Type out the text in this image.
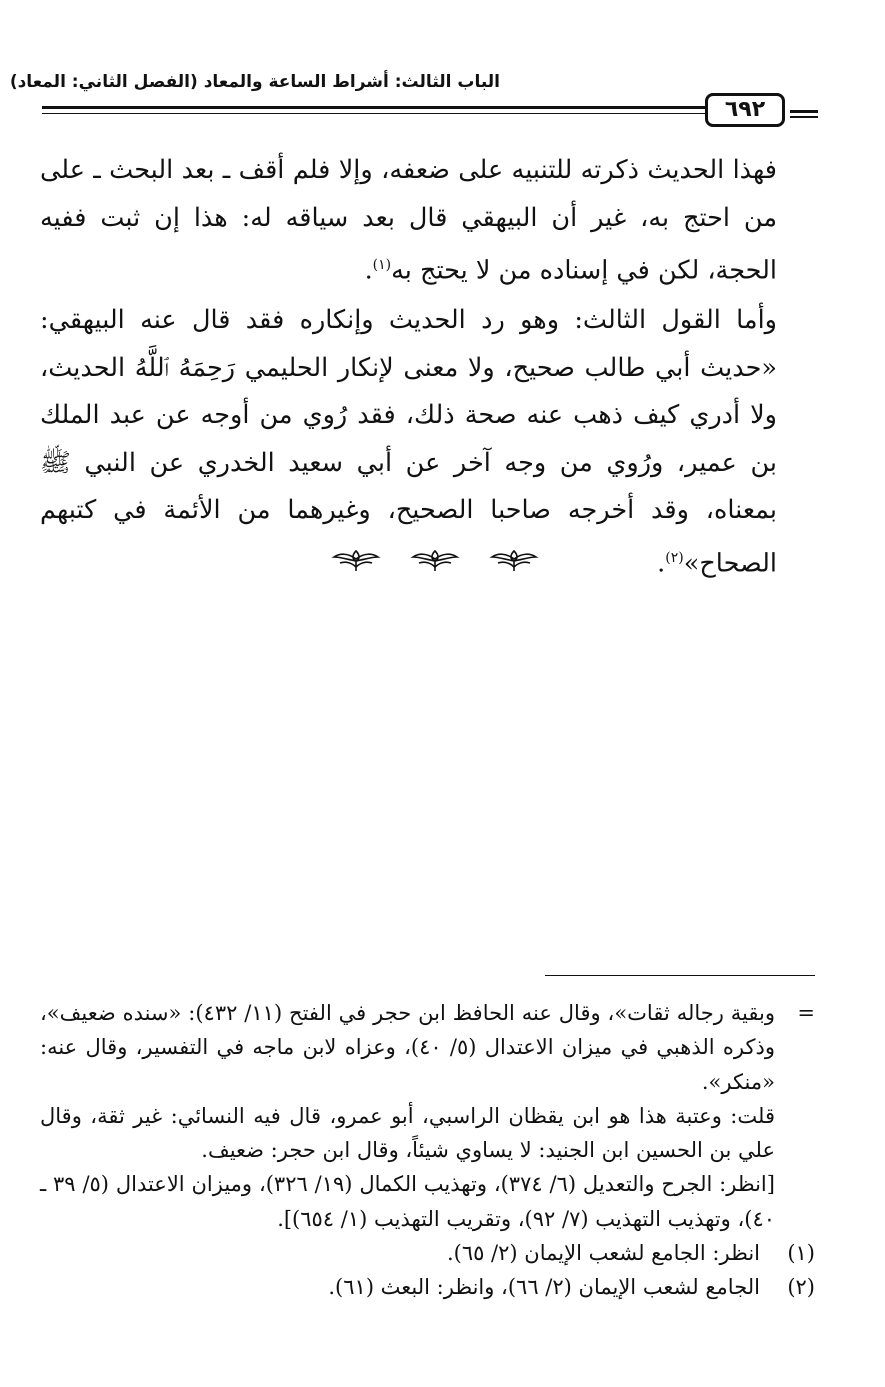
الباب الثالث: أشراط الساعة والمعاد (الفصل الثاني: المعاد)
٦٩٢

فهذا الحديث ذكرته للتنبيه على ضعفه، وإلا فلم أقف ـ بعد البحث ـ على من احتج به، غير أن البيهقي قال بعد سياقه له: هذا إن ثبت ففيه الحجة، لكن في إسناده من لا يحتج به$^{(١)}$.

وأما القول الثالث: وهو رد الحديث وإنكاره فقد قال عنه البيهقي: «حديث أبي طالب صحيح، ولا معنى لإنكار الحليمي رَحِمَهُ ٱللَّهُ الحديث، ولا أدري كيف ذهب عنه صحة ذلك، فقد رُوي من أوجه عن عبد الملك بن عمير، ورُوي من وجه آخر عن أبي سعيد الخدري عن النبي ﷺ بمعناه، وقد أخرجه صاحبا الصحيح، وغيرهما من الأئمة في كتبهم الصحاح»$^{(٢)}$.

=
وبقية رجاله ثقات»، وقال عنه الحافظ ابن حجر في الفتح (١١/ ٤٣٢): «سنده ضعيف»، وذكره الذهبي في ميزان الاعتدال (٥/ ٤٠)، وعزاه لابن ماجه في التفسير، وقال عنه: «منكر».

قلت: وعتبة هذا هو ابن يقظان الراسبي، أبو عمرو، قال فيه النسائي: غير ثقة، وقال علي بن الحسين ابن الجنيد: لا يساوي شيئاً، وقال ابن حجر: ضعيف.

[انظر: الجرح والتعديل (٦/ ٣٧٤)، وتهذيب الكمال (١٩/ ٣٢٦)، وميزان الاعتدال (٥/ ٣٩ ـ ٤٠)، وتهذيب التهذيب (٧/ ٩٢)، وتقريب التهذيب (١/ ٦٥٤)].

(١)
انظر: الجامع لشعب الإيمان (٢/ ٦٥).

(٢)
الجامع لشعب الإيمان (٢/ ٦٦)، وانظر: البعث (٦١).
